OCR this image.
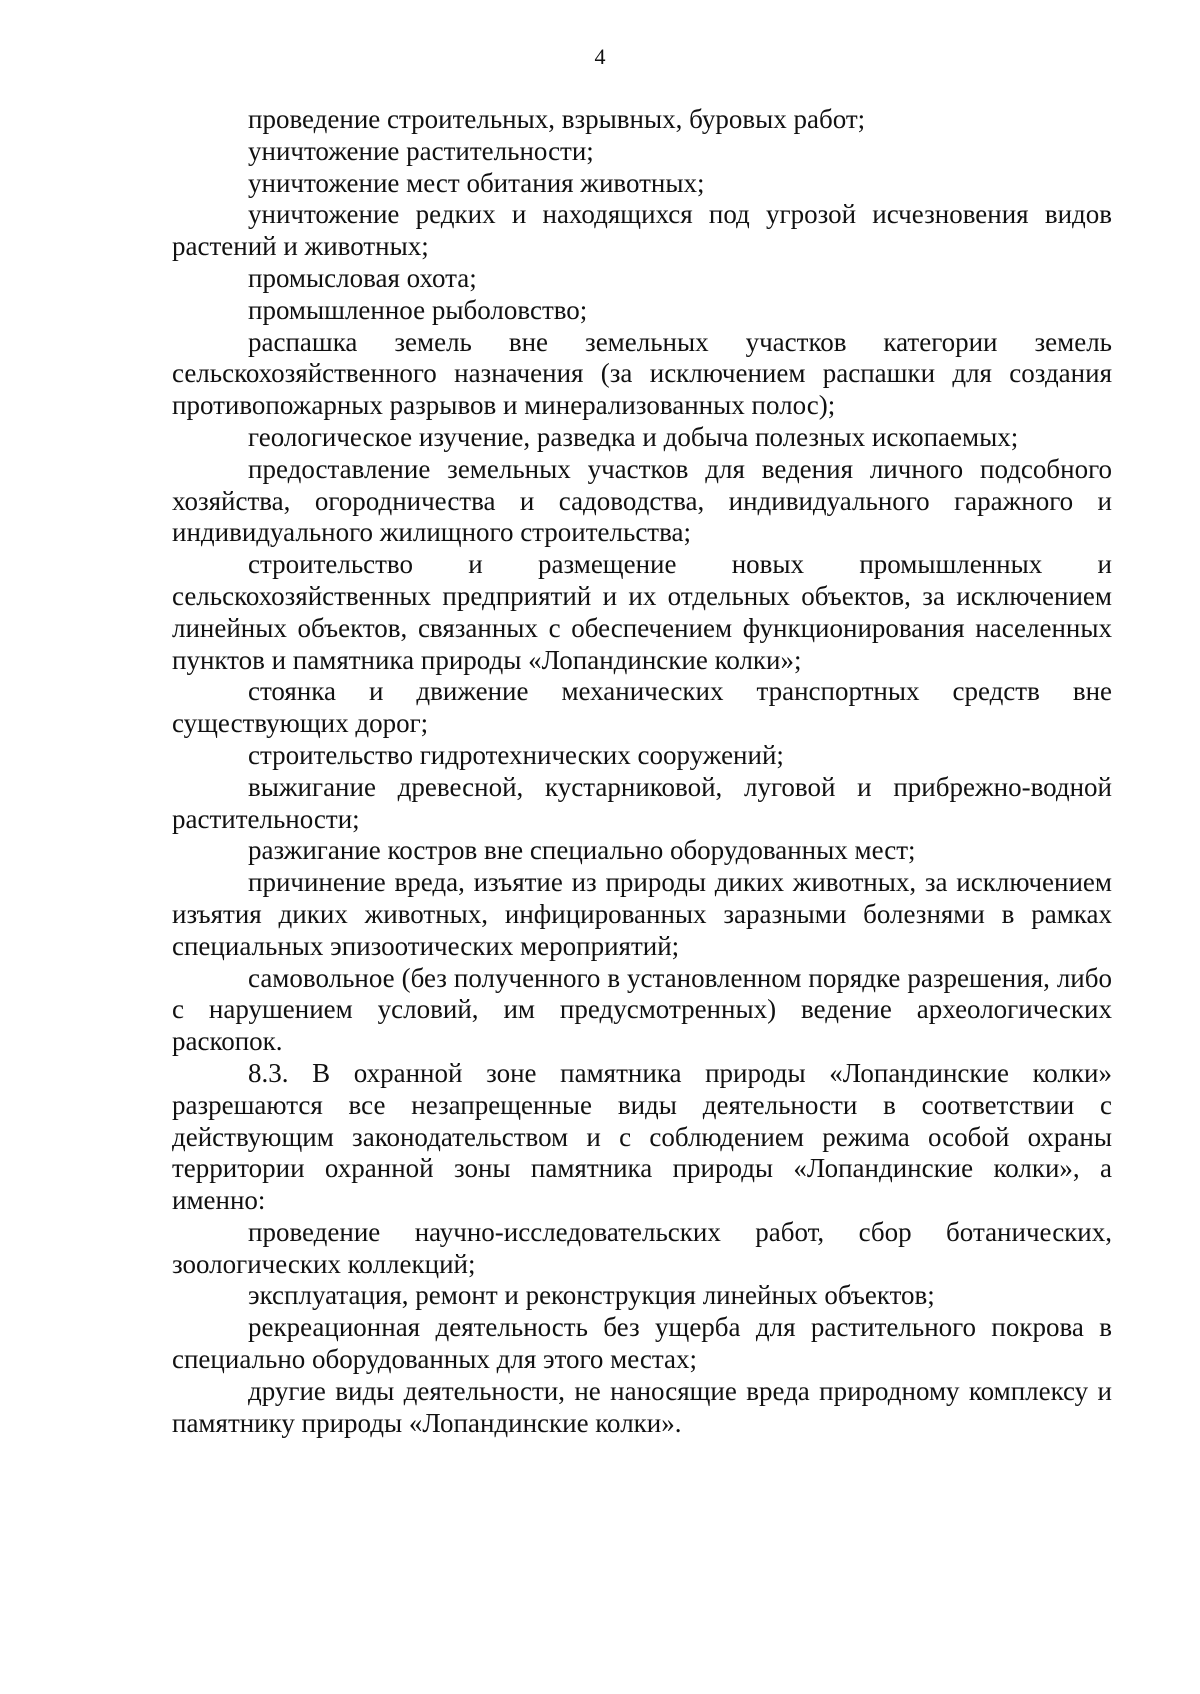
4

проведение строительных, взрывных, буровых работ;

уничтожение растительности;

уничтожение мест обитания животных;

уничтожение редких и находящихся под угрозой исчезновения видов растений и животных;

промысловая охота;

промышленное рыболовство;

распашка земель вне земельных участков категории земель сельскохозяйственного назначения (за исключением распашки для создания противопожарных разрывов и минерализованных полос);

геологическое изучение, разведка и добыча полезных ископаемых;

предоставление земельных участков для ведения личного подсобного хозяйства, огородничества и садоводства, индивидуального гаражного и индивидуального жилищного строительства;

строительство и размещение новых промышленных и сельскохозяйственных предприятий и их отдельных объектов, за исключением линейных объектов, связанных с обеспечением функционирования населенных пунктов и памятника природы «Лопандинские колки»;

стоянка и движение механических транспортных средств вне существующих дорог;

строительство гидротехнических сооружений;

выжигание древесной, кустарниковой, луговой и прибрежно-водной растительности;

разжигание костров вне специально оборудованных мест;

причинение вреда, изъятие из природы диких животных, за исключением изъятия диких животных, инфицированных заразными болезнями в рамках специальных эпизоотических мероприятий;

самовольное (без полученного в установленном порядке разрешения, либо с нарушением условий, им предусмотренных) ведение археологических раскопок.

8.3. В охранной зоне памятника природы «Лопандинские колки» разрешаются все незапрещенные виды деятельности в соответствии с действующим законодательством и с соблюдением режима особой охраны территории охранной зоны памятника природы «Лопандинские колки», а именно:

проведение научно-исследовательских работ, сбор ботанических, зоологических коллекций;

эксплуатация, ремонт и реконструкция линейных объектов;

рекреационная деятельность без ущерба для растительного покрова в специально оборудованных для этого местах;

другие виды деятельности, не наносящие вреда природному комплексу и памятнику природы «Лопандинские колки».
